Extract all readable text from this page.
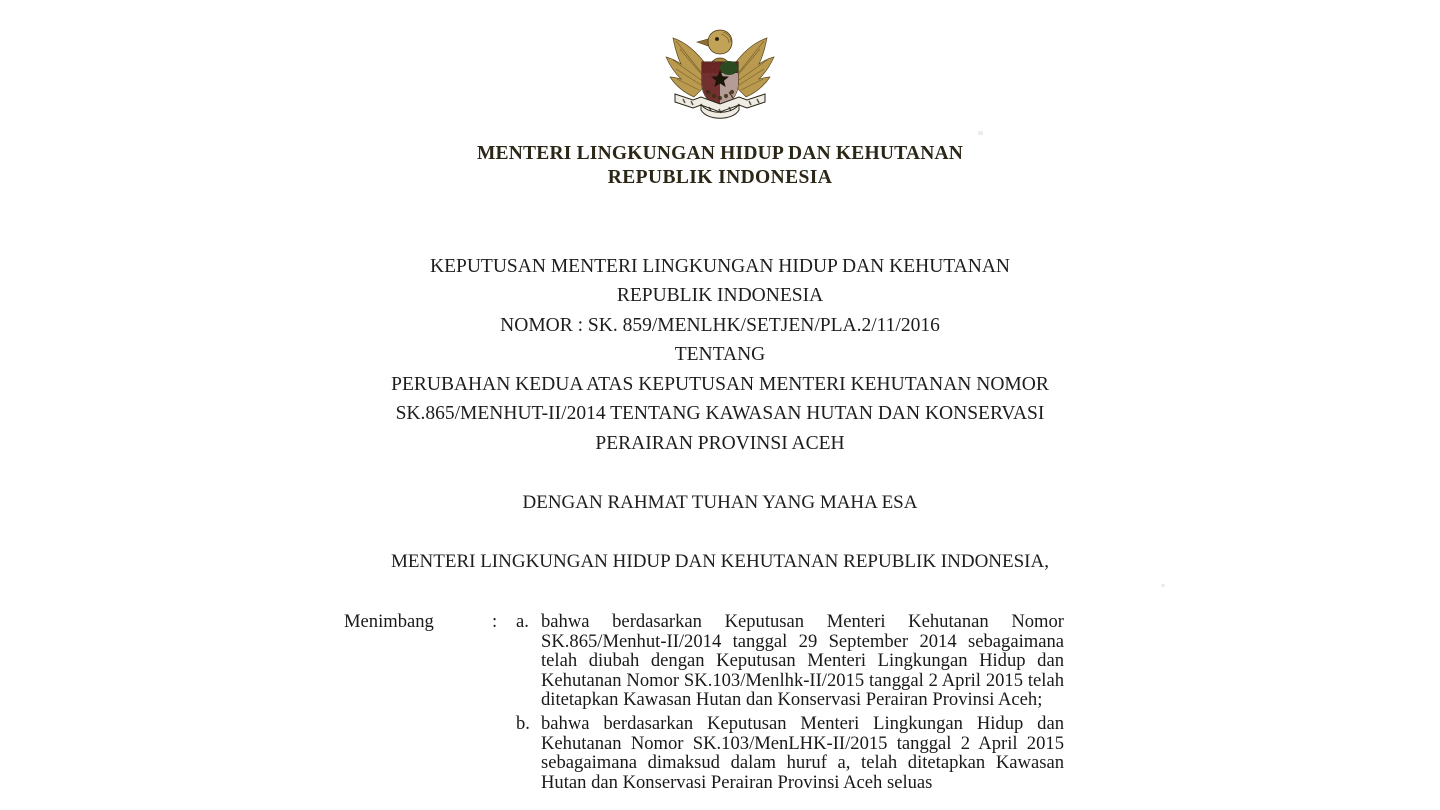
MENTERI LINGKUNGAN HIDUP DAN KEHUTANAN
REPUBLIK INDONESIA
KEPUTUSAN MENTERI LINGKUNGAN HIDUP DAN KEHUTANAN
REPUBLIK INDONESIA
NOMOR : SK. 859/MENLHK/SETJEN/PLA.2/11/2016
TENTANG
PERUBAHAN KEDUA ATAS KEPUTUSAN MENTERI KEHUTANAN NOMOR
SK.865/MENHUT-II/2014 TENTANG KAWASAN HUTAN DAN KONSERVASI
PERAIRAN PROVINSI ACEH
DENGAN RAHMAT TUHAN YANG MAHA ESA
MENTERI LINGKUNGAN HIDUP DAN KEHUTANAN REPUBLIK INDONESIA,
Menimbang	:	a. bahwa berdasarkan Keputusan Menteri Kehutanan Nomor SK.865/Menhut-II/2014 tanggal 29 September 2014 sebagaimana telah diubah dengan Keputusan Menteri Lingkungan Hidup dan Kehutanan Nomor SK.103/Menlhk-II/2015 tanggal 2 April 2015 telah ditetapkan Kawasan Hutan dan Konservasi Perairan Provinsi Aceh;
b. bahwa berdasarkan Keputusan Menteri Lingkungan Hidup dan Kehutanan Nomor SK.103/MenLHK-II/2015 tanggal 2 April 2015 sebagaimana dimaksud dalam huruf a, telah ditetapkan Kawasan Hutan dan Konservasi Perairan Provinsi Aceh seluas
